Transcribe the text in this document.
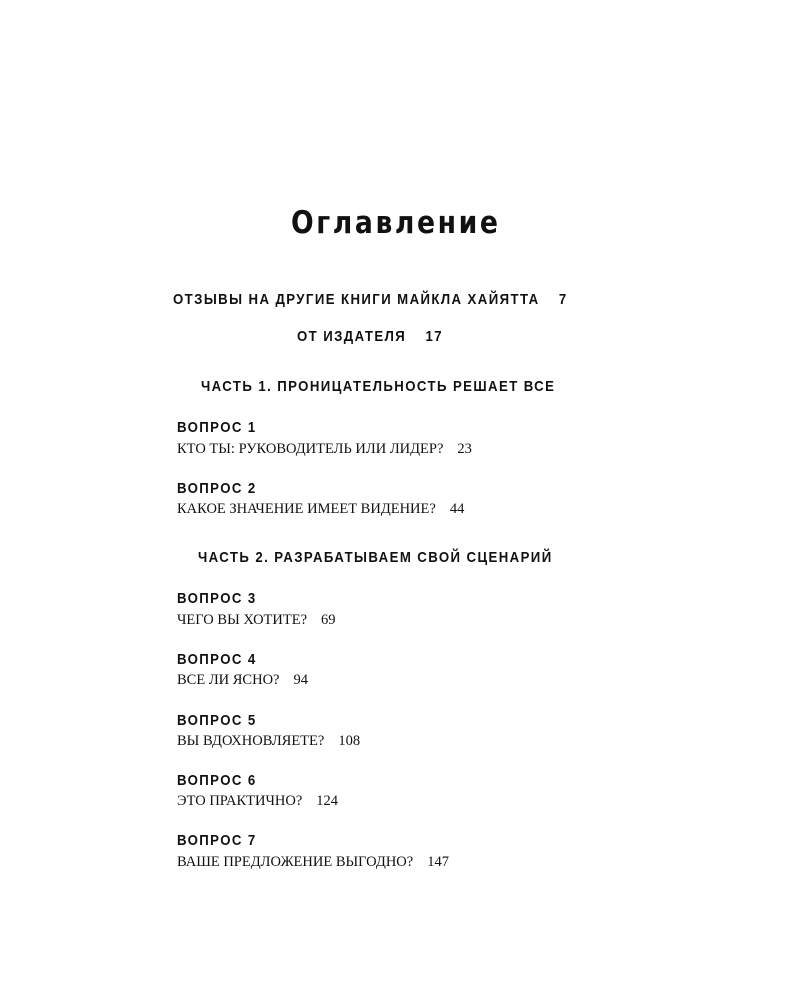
Оглавление
ОТЗЫВЫ НА ДРУГИЕ КНИГИ МАЙКЛА ХАЙЯТТА 7
ОТ ИЗДАТЕЛЯ 17
ЧАСТЬ 1. ПРОНИЦАТЕЛЬНОСТЬ РЕШАЕТ ВСЕ
ВОПРОС 1
КТО ТЫ: РУКОВОДИТЕЛЬ ИЛИ ЛИДЕР? 23
ВОПРОС 2
КАКОЕ ЗНАЧЕНИЕ ИМЕЕТ ВИДЕНИЕ? 44
ЧАСТЬ 2. РАЗРАБАТЫВАЕМ СВОЙ СЦЕНАРИЙ
ВОПРОС 3
ЧЕГО ВЫ ХОТИТЕ? 69
ВОПРОС 4
ВСЕ ЛИ ЯСНО? 94
ВОПРОС 5
ВЫ ВДОХНОВЛЯЕТЕ? 108
ВОПРОС 6
ЭТО ПРАКТИЧНО? 124
ВОПРОС 7
ВАШЕ ПРЕДЛОЖЕНИЕ ВЫГОДНО? 147
